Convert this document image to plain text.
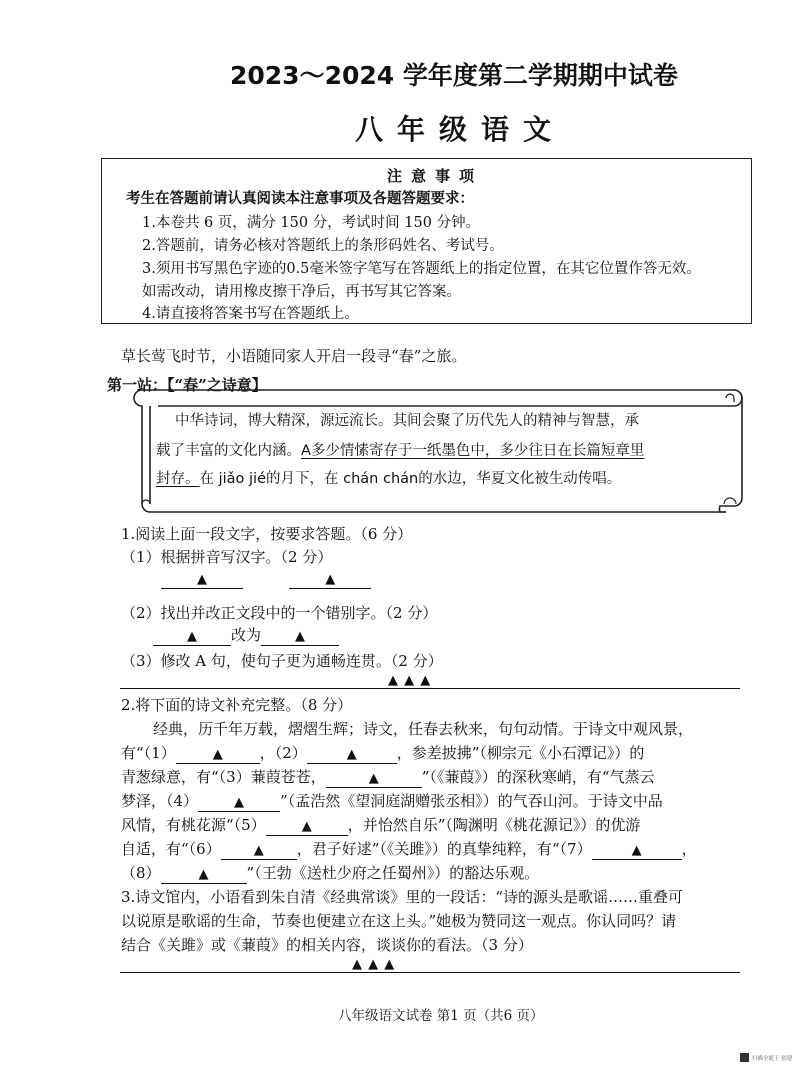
2023～2024 学年度第二学期期中试卷
八年级语文
注意事项
考生在答题前请认真阅读本注意事项及各题答题要求：
1.本卷共 6 页，满分 150 分，考试时间 150 分钟。
2.答题前，请务必核对答题纸上的条形码姓名、考试号。
3.须用书写黑色字迹的0.5毫米签字笔写在答题纸上的指定位置，在其它位置作答无效。
如需改动，请用橡皮擦干净后，再书写其它答案。
4.请直接将答案书写在答题纸上。
草长莺飞时节，小语随同家人开启一段寻“春”之旅。
第一站：【“春”之诗意】
中华诗词，博大精深，源远流长。其间会聚了历代先人的精神与智慧，承
载了丰富的文化内涵。A多少情愫寄存于一纸墨色中，多少往日在长篇短章里
封存。在 jiǎo jié的月下，在 chán chán的水边，华夏文化被生动传唱。
1.阅读上面一段文字，按要求答题。（6 分）
（1）根据拼音写汉字。（2 分）
▲	▲
（2）找出并改正文段中的一个错别字。（2 分）
▲ 改为	▲
（3）修改 A 句，使句子更为通畅连贯。（2 分）
▲ ▲ ▲
2.将下面的诗文补充完整。（8 分）
经典，历千年万载，熠熠生辉；诗文，任春去秋来，句句动情。于诗文中观风景，
有“（1）	▲ ，（2）	▲	，参差披拂”（柳宗元《小石潭记》）的
青葱绿意，有“（3）蒹葭苍苍，	▲	”（《蒹葭》）的深秋寒峭，有“气蒸云
梦泽，（4）	▲ ”（孟浩然《望洞庭湖赠张丞相》）的气吞山河。于诗文中品
风情，有桃花源“（5）	▲ ，并怡然自乐”（陶渊明《桃花源记》）的优游
自适，有“（6）	▲ ，君子好逑”（《关雎》）的真挚纯粹，有“（7）	▲	，
（8）	▲	”（王勃《送杜少府之任蜀州》）的豁达乐观。
3.诗文馆内，小语看到朱自清《经典常谈》里的一段话：“诗的源头是歌谣……重叠可
以说原是歌谣的生命，节奏也便建立在这上头。”她极为赞同这一观点。你认同吗？请
结合《关雎》或《蒹葭》的相关内容，谈谈你的看法。（3 分）
▲ ▲ ▲
八年级语文试卷 第1 页（共6 页）
扫描全能王 创建
